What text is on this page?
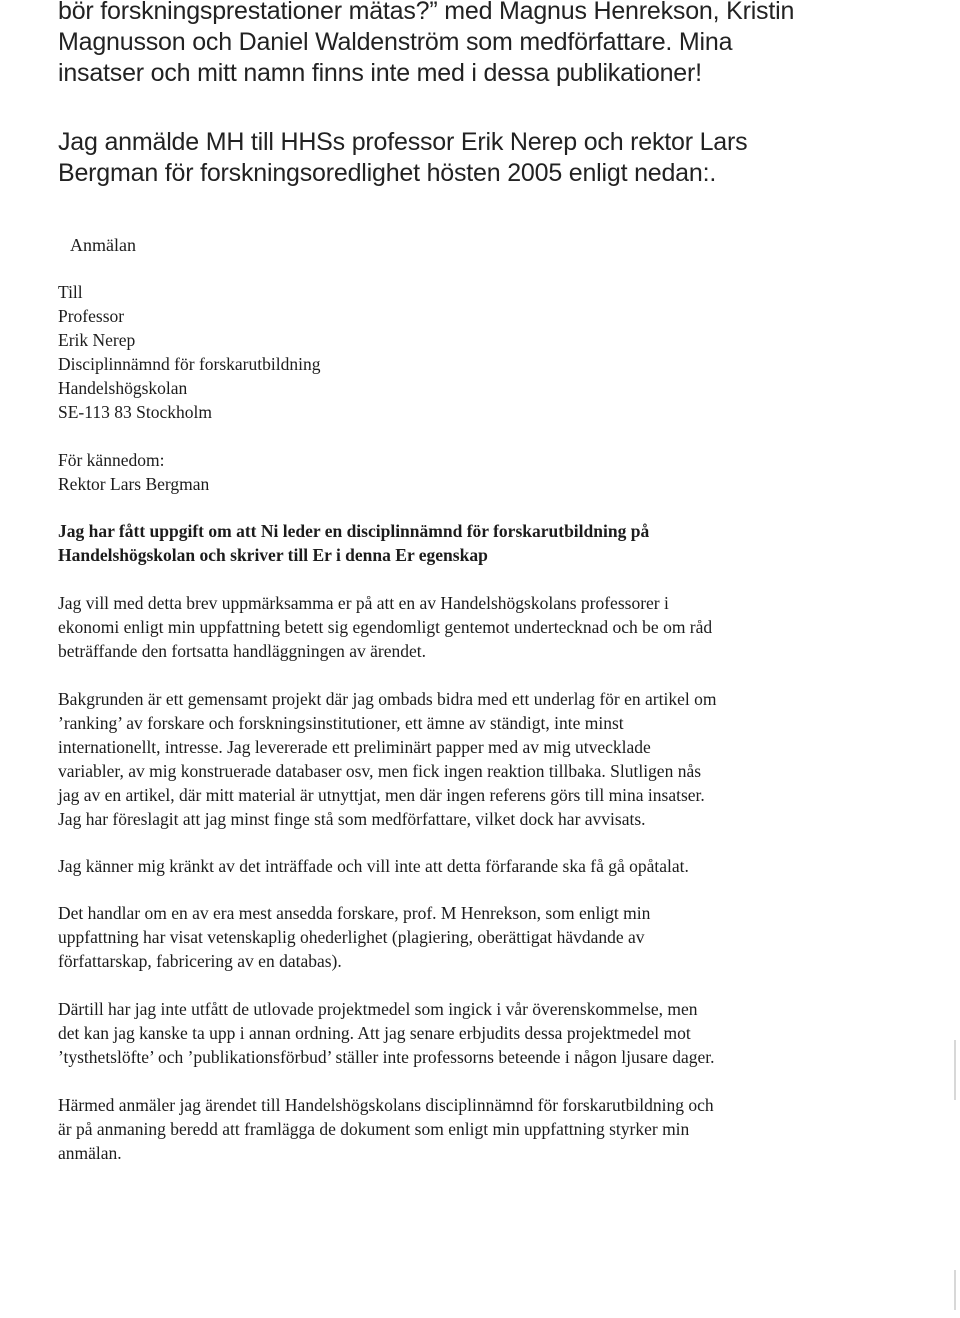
bör forskningsprestationer mätas?” med Magnus Henrekson, Kristin
Magnusson och Daniel Waldenström som medförfattare. Mina
insatser och mitt namn finns inte med i dessa publikationer!
Jag anmälde MH till HHSs professor Erik Nerep och rektor Lars
Bergman för forskningsoredlighet hösten 2005 enligt nedan:.
Anmälan
Till
Professor
Erik Nerep
Disciplinnämnd för forskarutbildning
Handelshögskolan
SE-113 83 Stockholm
För kännedom:
Rektor Lars Bergman
Jag har fått uppgift om att Ni leder en disciplinnämnd för forskarutbildning på
Handelshögskolan och skriver till Er i denna Er egenskap
Jag vill med detta brev uppmärksamma er på att en av Handelshögskolans professorer i
ekonomi enligt min uppfattning betett sig egendomligt gentemot undertecknad och be om råd
beträffande den fortsatta handläggningen av ärendet.
Bakgrunden är ett gemensamt projekt där jag ombads bidra med ett underlag för en artikel om
’ranking’ av forskare och forskningsinstitutioner, ett ämne av ständigt, inte minst
internationellt, intresse. Jag levererade ett preliminärt papper med av mig utvecklade
variabler, av mig konstruerade databaser osv, men fick ingen reaktion tillbaka. Slutligen nås
jag av en artikel, där mitt material är utnyttjat, men där ingen referens görs till mina insatser.
Jag har föreslagit att jag minst finge stå som medförfattare, vilket dock har avvisats.
Jag känner mig kränkt av det inträffade och vill inte att detta förfarande ska få gå opåtalat.
Det handlar om en av era mest ansedda forskare, prof. M Henrekson, som enligt min
uppfattning har visat vetenskaplig ohederlighet (plagiering, oberättigat hävdande av
författarskap, fabricering av en databas).
Därtill har jag inte utfått de utlovade projektmedel som ingick i vår överenskommelse, men
det kan jag kanske ta upp i annan ordning. Att jag senare erbjudits dessa projektmedel mot
’tysthetslöfte’ och ’publikationsförbud’ ställer inte professorns beteende i någon ljusare dager.
Härmed anmäler jag ärendet till Handelshögskolans disciplinnämnd för forskarutbildning och
är på anmaning beredd att framlägga de dokument som enligt min uppfattning styrker min
anmälan.
